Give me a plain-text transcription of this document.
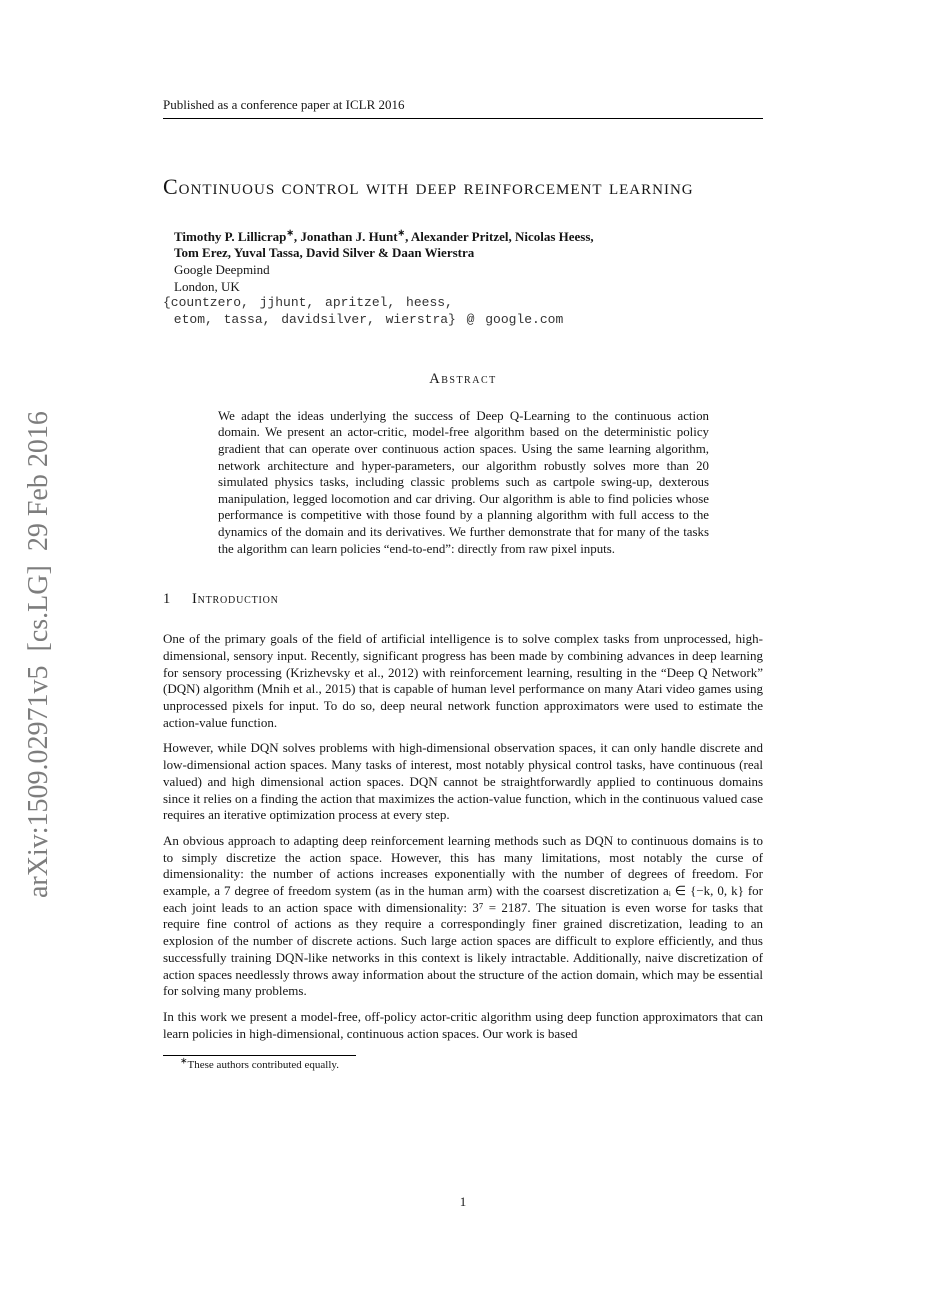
arXiv:1509.02971v5  [cs.LG]  29 Feb 2016
Published as a conference paper at ICLR 2016
Continuous control with deep reinforcement learning

Timothy P. Lillicrap∗, Jonathan J. Hunt∗, Alexander Pritzel, Nicolas Heess,

Tom Erez, Yuval Tassa, David Silver & Daan Wierstra

Google Deepmind

London, UK

{countzero, jjhunt, apritzel, heess,

etom, tassa, davidsilver, wierstra} @ google.com

Abstract

We adapt the ideas underlying the success of Deep Q-Learning to the continuous action domain. We present an actor-critic, model-free algorithm based on the deterministic policy gradient that can operate over continuous action spaces. Using the same learning algorithm, network architecture and hyper-parameters, our algorithm robustly solves more than 20 simulated physics tasks, including classic problems such as cartpole swing-up, dexterous manipulation, legged locomotion and car driving. Our algorithm is able to find policies whose performance is competitive with those found by a planning algorithm with full access to the dynamics of the domain and its derivatives. We further demonstrate that for many of the tasks the algorithm can learn policies “end-to-end”: directly from raw pixel inputs.

1 Introduction

One of the primary goals of the field of artificial intelligence is to solve complex tasks from unprocessed, high-dimensional, sensory input. Recently, significant progress has been made by combining advances in deep learning for sensory processing (Krizhevsky et al., 2012) with reinforcement learning, resulting in the “Deep Q Network” (DQN) algorithm (Mnih et al., 2015) that is capable of human level performance on many Atari video games using unprocessed pixels for input. To do so, deep neural network function approximators were used to estimate the action-value function.

However, while DQN solves problems with high-dimensional observation spaces, it can only handle discrete and low-dimensional action spaces. Many tasks of interest, most notably physical control tasks, have continuous (real valued) and high dimensional action spaces. DQN cannot be straightforwardly applied to continuous domains since it relies on a finding the action that maximizes the action-value function, which in the continuous valued case requires an iterative optimization process at every step.

An obvious approach to adapting deep reinforcement learning methods such as DQN to continuous domains is to to simply discretize the action space. However, this has many limitations, most notably the curse of dimensionality: the number of actions increases exponentially with the number of degrees of freedom. For example, a 7 degree of freedom system (as in the human arm) with the coarsest discretization aᵢ ∈ {−k, 0, k} for each joint leads to an action space with dimensionality: 3⁷ = 2187. The situation is even worse for tasks that require fine control of actions as they require a correspondingly finer grained discretization, leading to an explosion of the number of discrete actions. Such large action spaces are difficult to explore efficiently, and thus successfully training DQN-like networks in this context is likely intractable. Additionally, naive discretization of action spaces needlessly throws away information about the structure of the action domain, which may be essential for solving many problems.

In this work we present a model-free, off-policy actor-critic algorithm using deep function approximators that can learn policies in high-dimensional, continuous action spaces. Our work is based

∗These authors contributed equally.

1
